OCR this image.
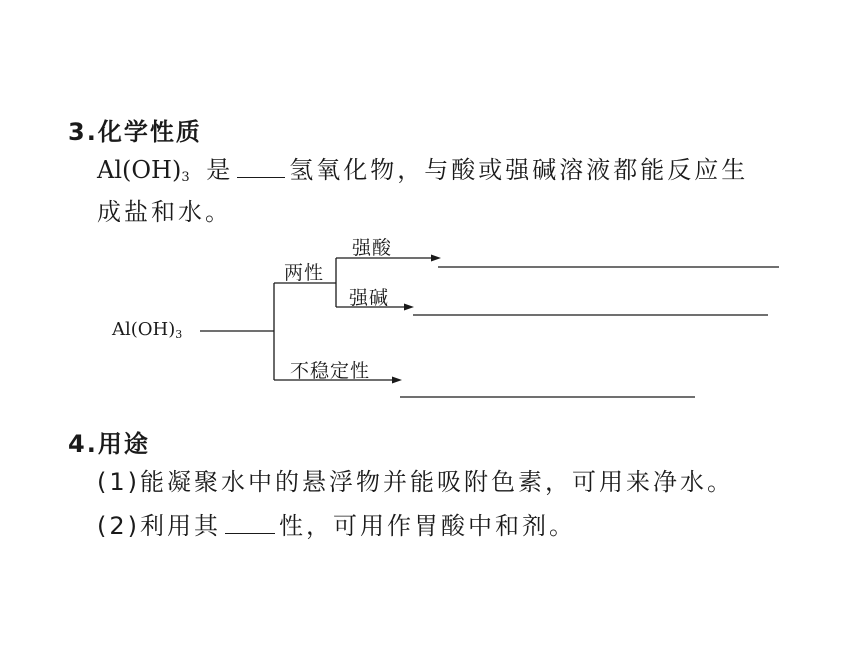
3.化学性质
$Al(OH)_3$ 是 氢氧化物，与酸或强碱溶液都能反应生
成盐和水。
$Al(OH)_3$
两性
强酸
强碱
不稳定性
4.用途
(1)能凝聚水中的悬浮物并能吸附色素，可用来净水。
(2)利用其 性，可用作胃酸中和剂。
